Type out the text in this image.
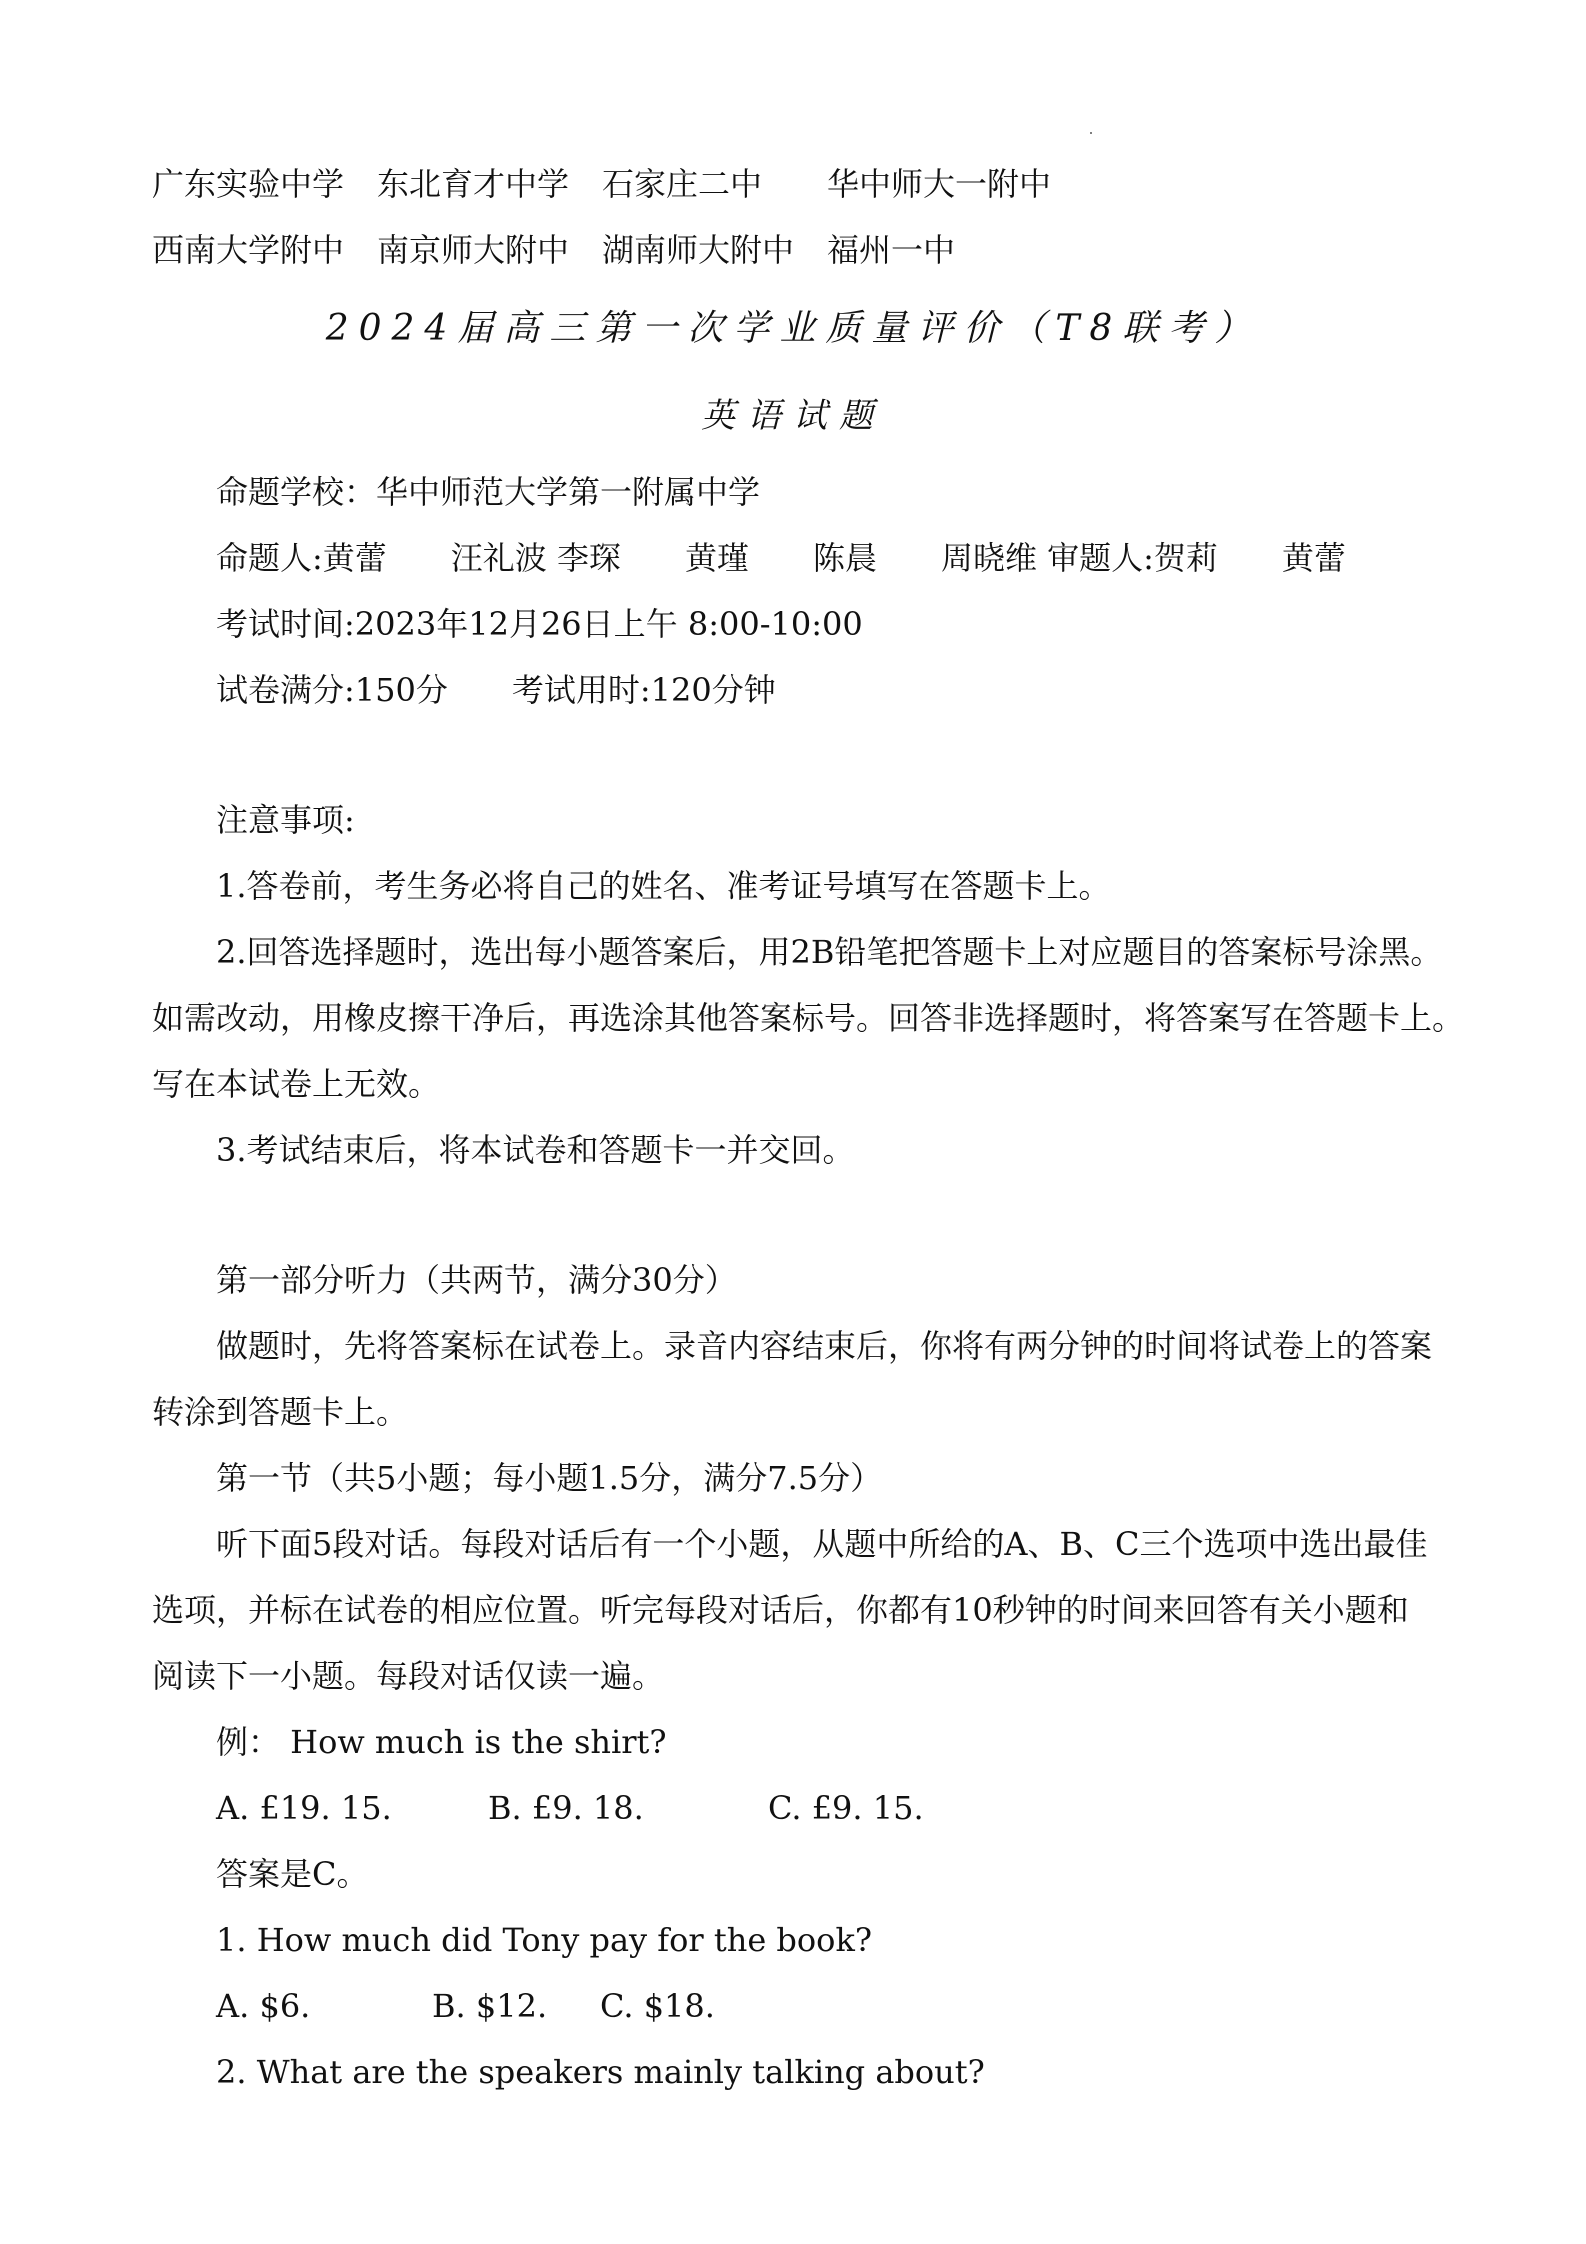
广东实验中学 东北育才中学 石家庄二中 华中师大一附中
西南大学附中 南京师大附中 湖南师大附中 福州一中
2024届高三第一次学业质量评价（T8联考）
英语试题
命题学校：华中师范大学第一附属中学
命题人:黄蕾　　汪礼波 李琛　　黄瑾　　陈晨　　周晓维 审题人:贺莉　　黄蕾
考试时间:2023年12月26日上午 8:00-10:00
试卷满分:150分　　考试用时:120分钟
注意事项:
1.答卷前，考生务必将自己的姓名、准考证号填写在答题卡上。
2.回答选择题时，选出每小题答案后，用2B铅笔把答题卡上对应题目的答案标号涂黑。
如需改动，用橡皮擦干净后，再选涂其他答案标号。回答非选择题时，将答案写在答题卡上。
写在本试卷上无效。
3.考试结束后，将本试卷和答题卡一并交回。
第一部分听力（共两节，满分30分）
做题时，先将答案标在试卷上。录音内容结束后，你将有两分钟的时间将试卷上的答案
转涂到答题卡上。
第一节（共5小题；每小题1.5分，满分7.5分）
听下面5段对话。每段对话后有一个小题，从题中所给的A、B、C三个选项中选出最佳
选项，并标在试卷的相应位置。听完每段对话后，你都有10秒钟的时间来回答有关小题和
阅读下一小题。每段对话仅读一遍。
例： How much is the shirt?
A. £19. 15.	B. £9. 18.	C. £9. 15.
答案是C。
1. How much did Tony pay for the book?
A. $6.	B. $12. C. $18.
2. What are the speakers mainly talking about?
